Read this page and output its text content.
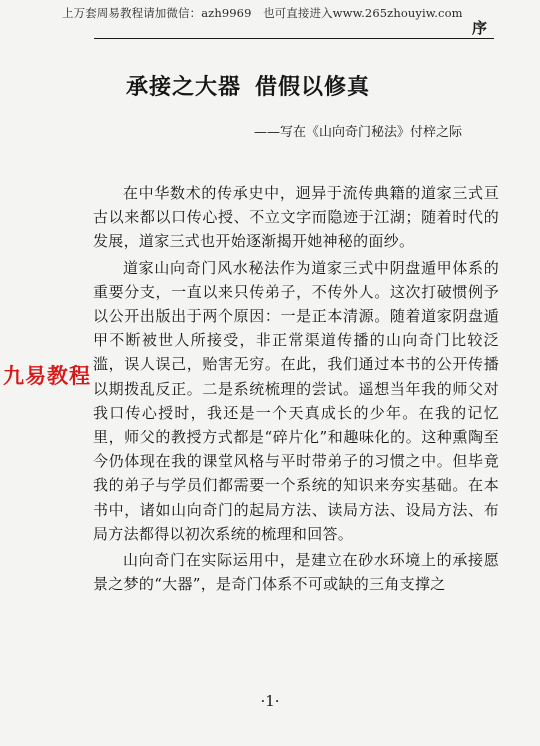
上万套周易教程请加微信：azh9969　也可直接进入www.265zhouyiw.com
序
承接之大器 借假以修真
——写在《山向奇门秘法》付梓之际

在中华数术的传承史中，迥异于流传典籍的道家三式亘古以来都以口传心授、不立文字而隐迹于江湖；随着时代的发展，道家三式也开始逐渐揭开她神秘的面纱。

道家山向奇门风水秘法作为道家三式中阴盘遁甲体系的重要分支，一直以来只传弟子，不传外人。这次打破惯例予以公开出版出于两个原因：一是正本清源。随着道家阴盘遁甲不断被世人所接受，非正常渠道传播的山向奇门比较泛滥，误人误己，贻害无穷。在此，我们通过本书的公开传播以期拨乱反正。二是系统梳理的尝试。遥想当年我的师父对我口传心授时，我还是一个天真成长的少年。在我的记忆里，师父的教授方式都是“碎片化”和趣味化的。这种熏陶至今仍体现在我的课堂风格与平时带弟子的习惯之中。但毕竟我的弟子与学员们都需要一个系统的知识来夯实基础。在本书中，诸如山向奇门的起局方法、读局方法、设局方法、布局方法都得以初次系统的梳理和回答。

山向奇门在实际运用中，是建立在砂水环境上的承接愿景之梦的“大器”，是奇门体系不可或缺的三角支撑之

九易教程
·1·
